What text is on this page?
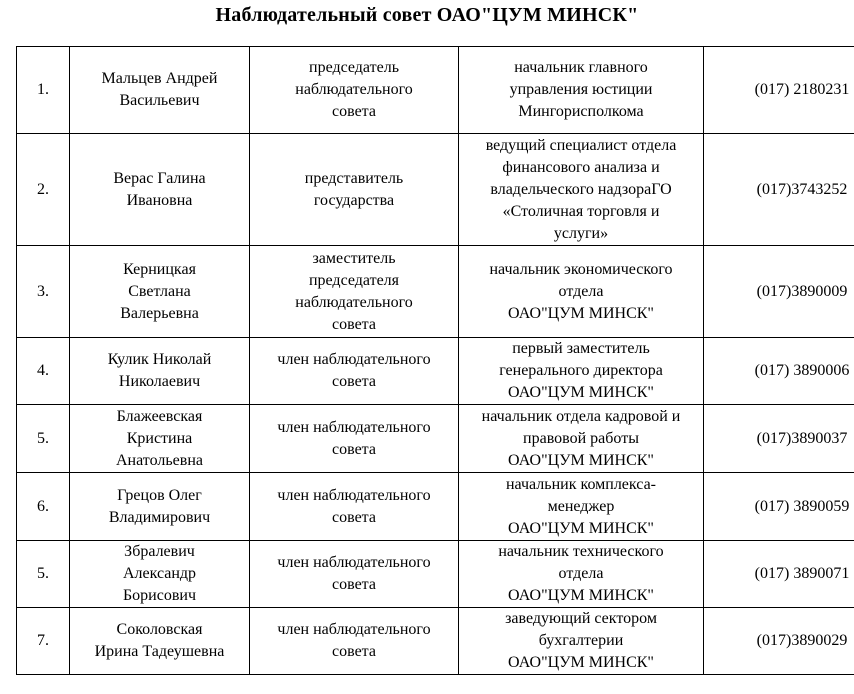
Наблюдательный совет ОАО"ЦУМ МИНСК"
1.	Мальцев Андрей
Васильевич	председатель
наблюдательного
совета	начальник главного
управления юстиции
Мингорисполкома	(017) 2180231
2.	Верас Галина
Ивановна	представитель
государства	ведущий специалист отдела
финансового анализа и
владельческого надзораГО
«Столичная торговля и
услуги»	(017)3743252
3.	Керницкая
Светлана
Валерьевна	заместитель
председателя
наблюдательного
совета	начальник экономического
отдела
ОАО"ЦУМ МИНСК"	(017)3890009
4.	Кулик Николай
Николаевич	член наблюдательного
совета	первый заместитель
генерального директора
ОАО"ЦУМ МИНСК"	(017) 3890006
5.	Блажеевская
Кристина
Анатольевна	член наблюдательного
совета	начальник отдела кадровой и
правовой работы
ОАО"ЦУМ МИНСК"	(017)3890037
6.	Грецов Олег
Владимирович	член наблюдательного
совета	начальник комплекса-
менеджер
ОАО"ЦУМ МИНСК"	(017) 3890059
5.	Збралевич
Александр
Борисович	член наблюдательного
совета	начальник технического
отдела
ОАО"ЦУМ МИНСК"	(017) 3890071
7.	Соколовская
Ирина Тадеушевна	член наблюдательного
совета	заведующий сектором
бухгалтерии
ОАО"ЦУМ МИНСК"	(017)3890029
